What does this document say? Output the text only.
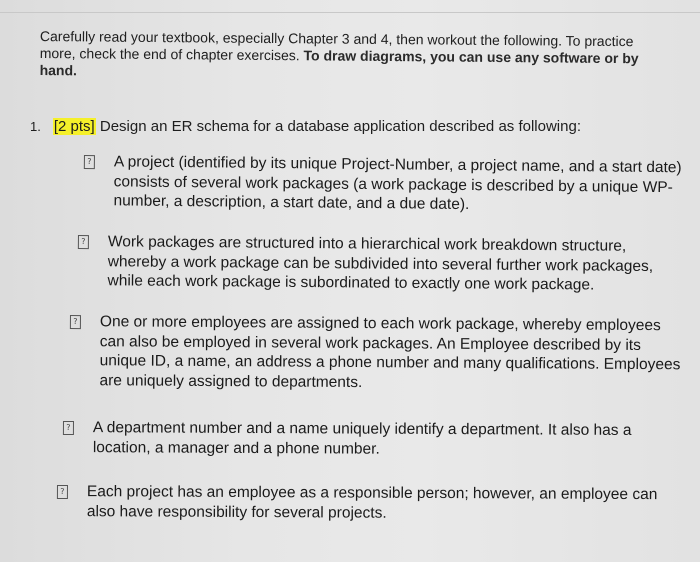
Carefully read your textbook, especially Chapter 3 and 4, then workout the following. To practice more, check the end of chapter exercises. To draw diagrams, you can use any software or by hand.
1. [2 pts] Design an ER schema for a database application described as following:
? A project (identified by its unique Project-Number, a project name, and a start date) consists of several work packages (a work package is described by a unique WP-number, a description, a start date, and a due date).
? Work packages are structured into a hierarchical work breakdown structure, whereby a work package can be subdivided into several further work packages, while each work package is subordinated to exactly one work package.
? One or more employees are assigned to each work package, whereby employees can also be employed in several work packages. An Employee described by its unique ID, a name, an address a phone number and many qualifications. Employees are uniquely assigned to departments.
? A department number and a name uniquely identify a department. It also has a location, a manager and a phone number.
? Each project has an employee as a responsible person; however, an employee can also have responsibility for several projects.
